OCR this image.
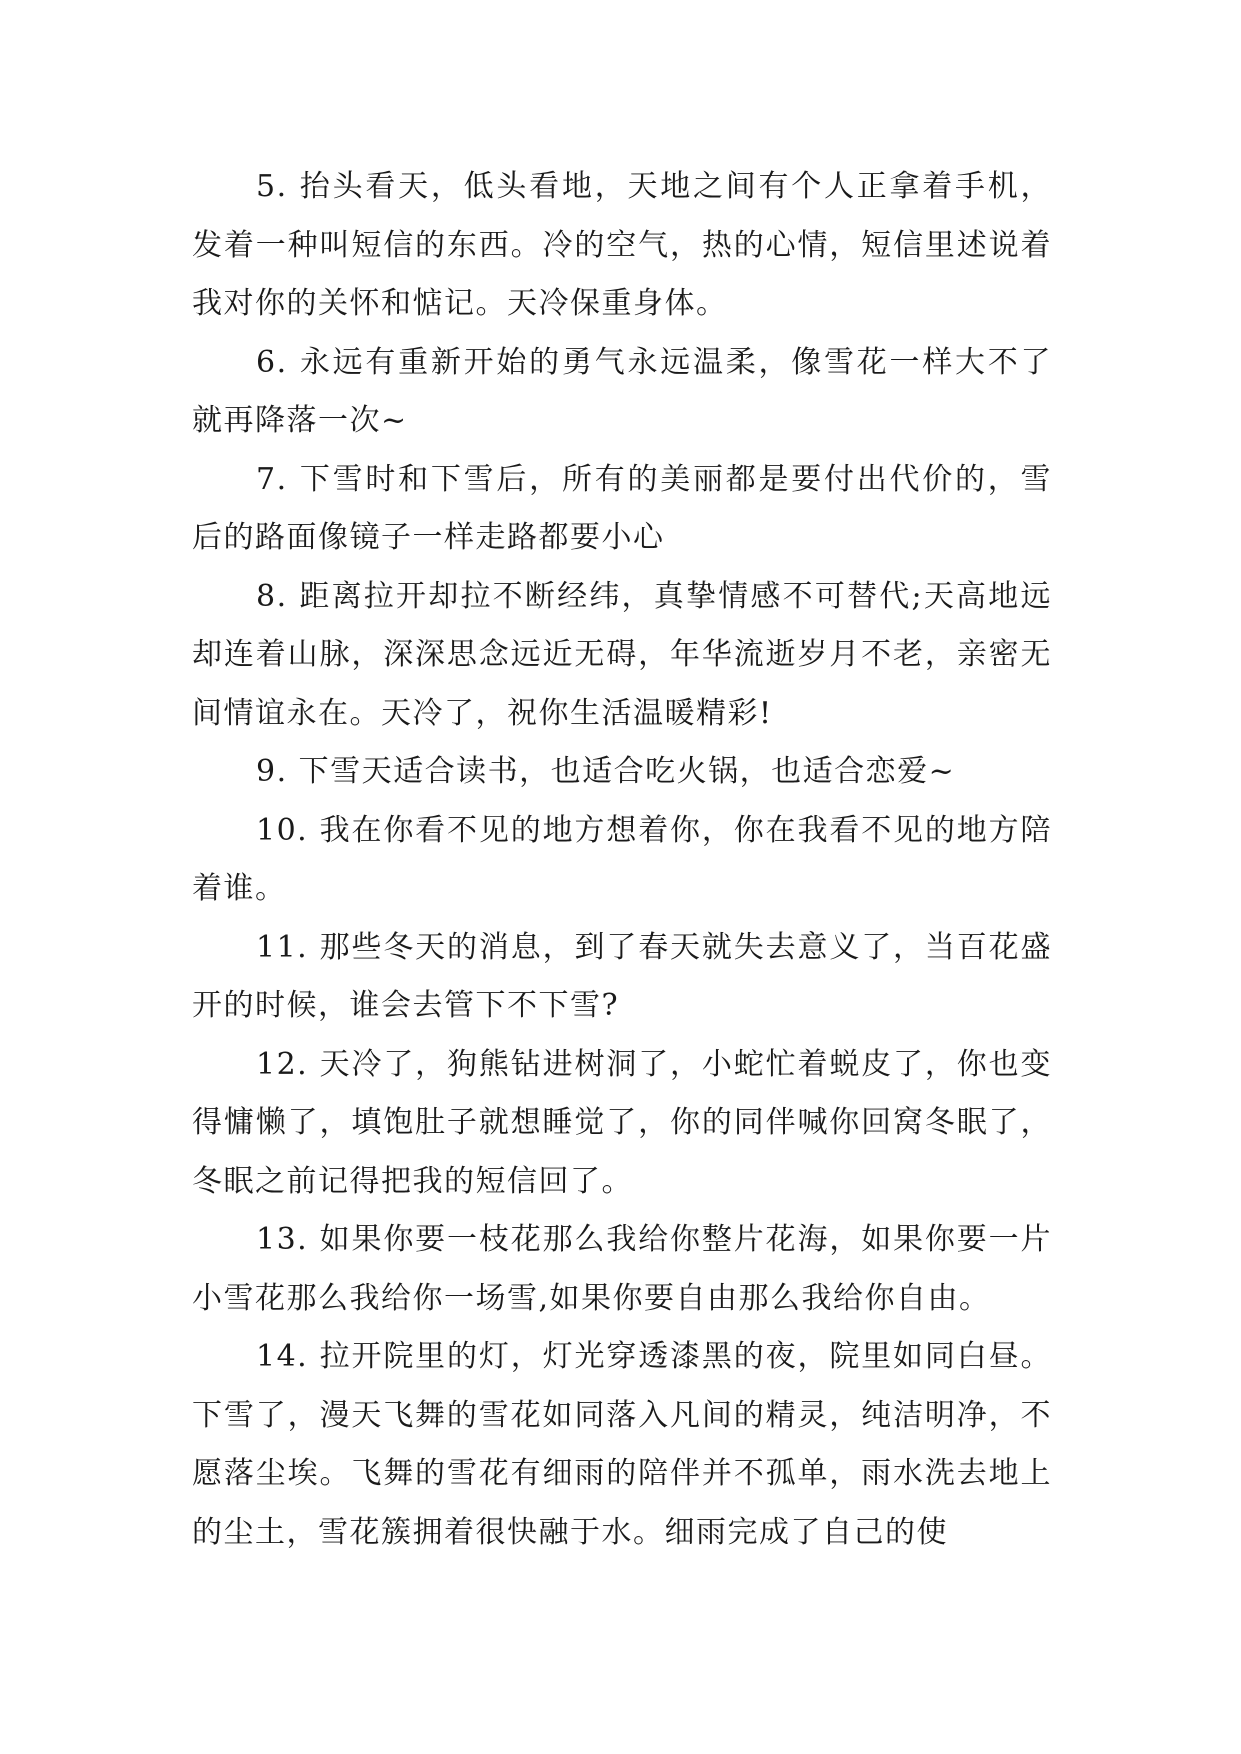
5. 抬头看天，低头看地，天地之间有个人正拿着手机，发着一种叫短信的东西。冷的空气，热的心情，短信里述说着我对你的关怀和惦记。天冷保重身体。

6. 永远有重新开始的勇气永远温柔，像雪花一样大不了就再降落一次~

7. 下雪时和下雪后，所有的美丽都是要付出代价的，雪后的路面像镜子一样走路都要小心

8. 距离拉开却拉不断经纬，真挚情感不可替代;天高地远却连着山脉，深深思念远近无碍，年华流逝岁月不老，亲密无间情谊永在。天冷了，祝你生活温暖精彩!

9. 下雪天适合读书，也适合吃火锅，也适合恋爱~

10. 我在你看不见的地方想着你，你在我看不见的地方陪着谁。

11. 那些冬天的消息，到了春天就失去意义了，当百花盛开的时候，谁会去管下不下雪?

12. 天冷了，狗熊钻进树洞了，小蛇忙着蜕皮了，你也变得慵懒了，填饱肚子就想睡觉了，你的同伴喊你回窝冬眠了，冬眠之前记得把我的短信回了。

13. 如果你要一枝花那么我给你整片花海，如果你要一片小雪花那么我给你一场雪,如果你要自由那么我给你自由。

14. 拉开院里的灯，灯光穿透漆黑的夜，院里如同白昼。下雪了，漫天飞舞的雪花如同落入凡间的精灵，纯洁明净，不愿落尘埃。飞舞的雪花有细雨的陪伴并不孤单，雨水洗去地上的尘土，雪花簇拥着很快融于水。细雨完成了自己的使
